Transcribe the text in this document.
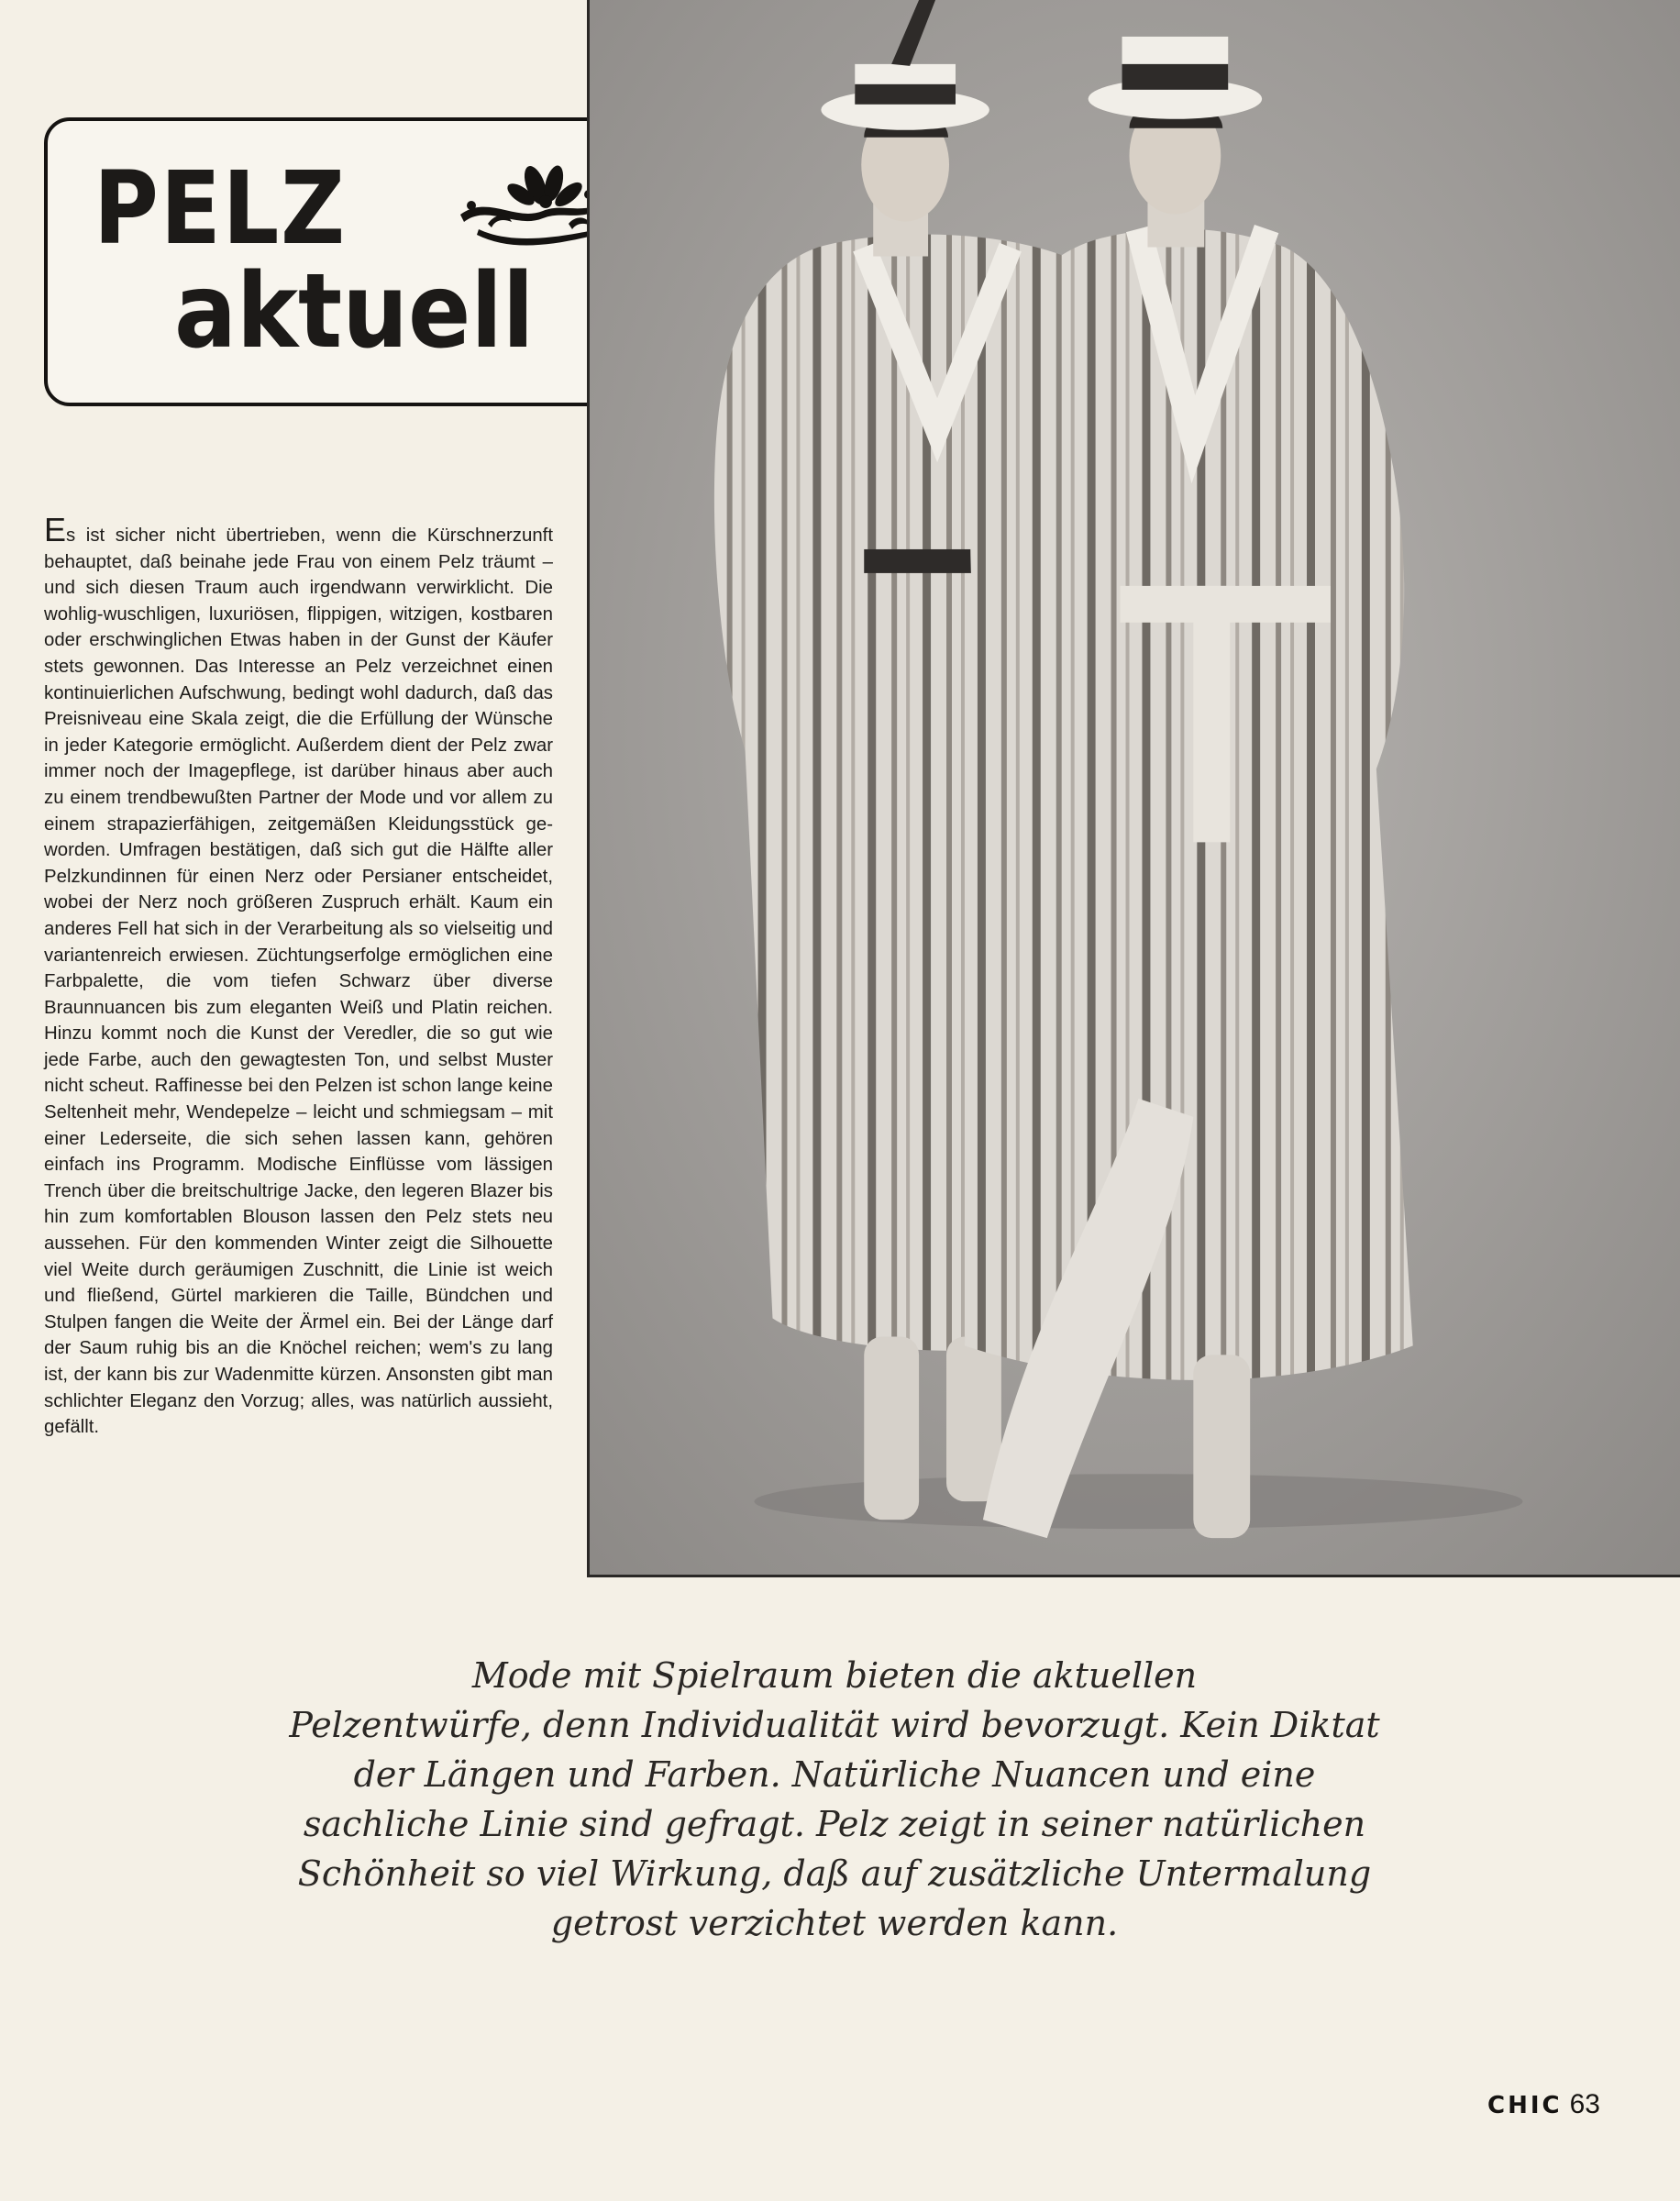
PELZ
aktuell
Es ist sicher nicht übertrieben, wenn die Kürschnerzunft behauptet, daß beinahe jede Frau von einem Pelz träumt – und sich diesen Traum auch irgendwann verwirklicht. Die wohlig-wuschligen, luxuriösen, flippigen, witzigen, kostbaren oder erschwinglichen Etwas haben in der Gunst der Käufer stets gewonnen. Das Interesse an Pelz verzeichnet einen kontinuierlichen Aufschwung, bedingt wohl dadurch, daß das Preisniveau eine Skala zeigt, die die Erfüllung der Wünsche in jeder Kategorie ermöglicht. Außerdem dient der Pelz zwar immer noch der Imagepflege, ist darüber hinaus aber auch zu einem trendbewußten Partner der Mode und vor allem zu einem strapazierfähigen, zeitgemäßen Kleidungsstück geworden. Umfragen bestätigen, daß sich gut die Hälfte aller Pelzkundinnen für einen Nerz oder Persianer entscheidet, wobei der Nerz noch größeren Zuspruch erhält. Kaum ein anderes Fell hat sich in der Verarbeitung als so vielseitig und variantenreich erwiesen. Züchtungserfolge ermöglichen eine Farbpalette, die vom tiefen Schwarz über diverse Braunnuancen bis zum eleganten Weiß und Platin reichen. Hinzu kommt noch die Kunst der Veredler, die so gut wie jede Farbe, auch den gewagtesten Ton, und selbst Muster nicht scheut. Raffinesse bei den Pelzen ist schon lange keine Seltenheit mehr, Wendepelze – leicht und schmiegsam – mit einer Lederseite, die sich sehen lassen kann, gehören einfach ins Programm. Modische Einflüsse vom lässigen Trench über die breitschultrige Jacke, den legeren Blazer bis hin zum komfortablen Blouson lassen den Pelz stets neu aussehen. Für den kommenden Winter zeigt die Silhouette viel Weite durch geräumigen Zuschnitt, die Linie ist weich und fließend, Gürtel markieren die Taille, Bündchen und Stulpen fangen die Weite der Ärmel ein. Bei der Länge darf der Saum ruhig bis an die Knöchel reichen; wem's zu lang ist, der kann bis zur Wadenmitte kürzen. Ansonsten gibt man schlichter Eleganz den Vorzug; alles, was natürlich aussieht, gefällt.
Mode mit Spielraum bieten die aktuellen
Pelzentwürfe, denn Individualität wird bevorzugt. Kein Diktat
der Längen und Farben. Natürliche Nuancen und eine
sachliche Linie sind gefragt. Pelz zeigt in seiner natürlichen
Schönheit so viel Wirkung, daß auf zusätzliche Untermalung
getrost verzichtet werden kann.
CHIC 63
